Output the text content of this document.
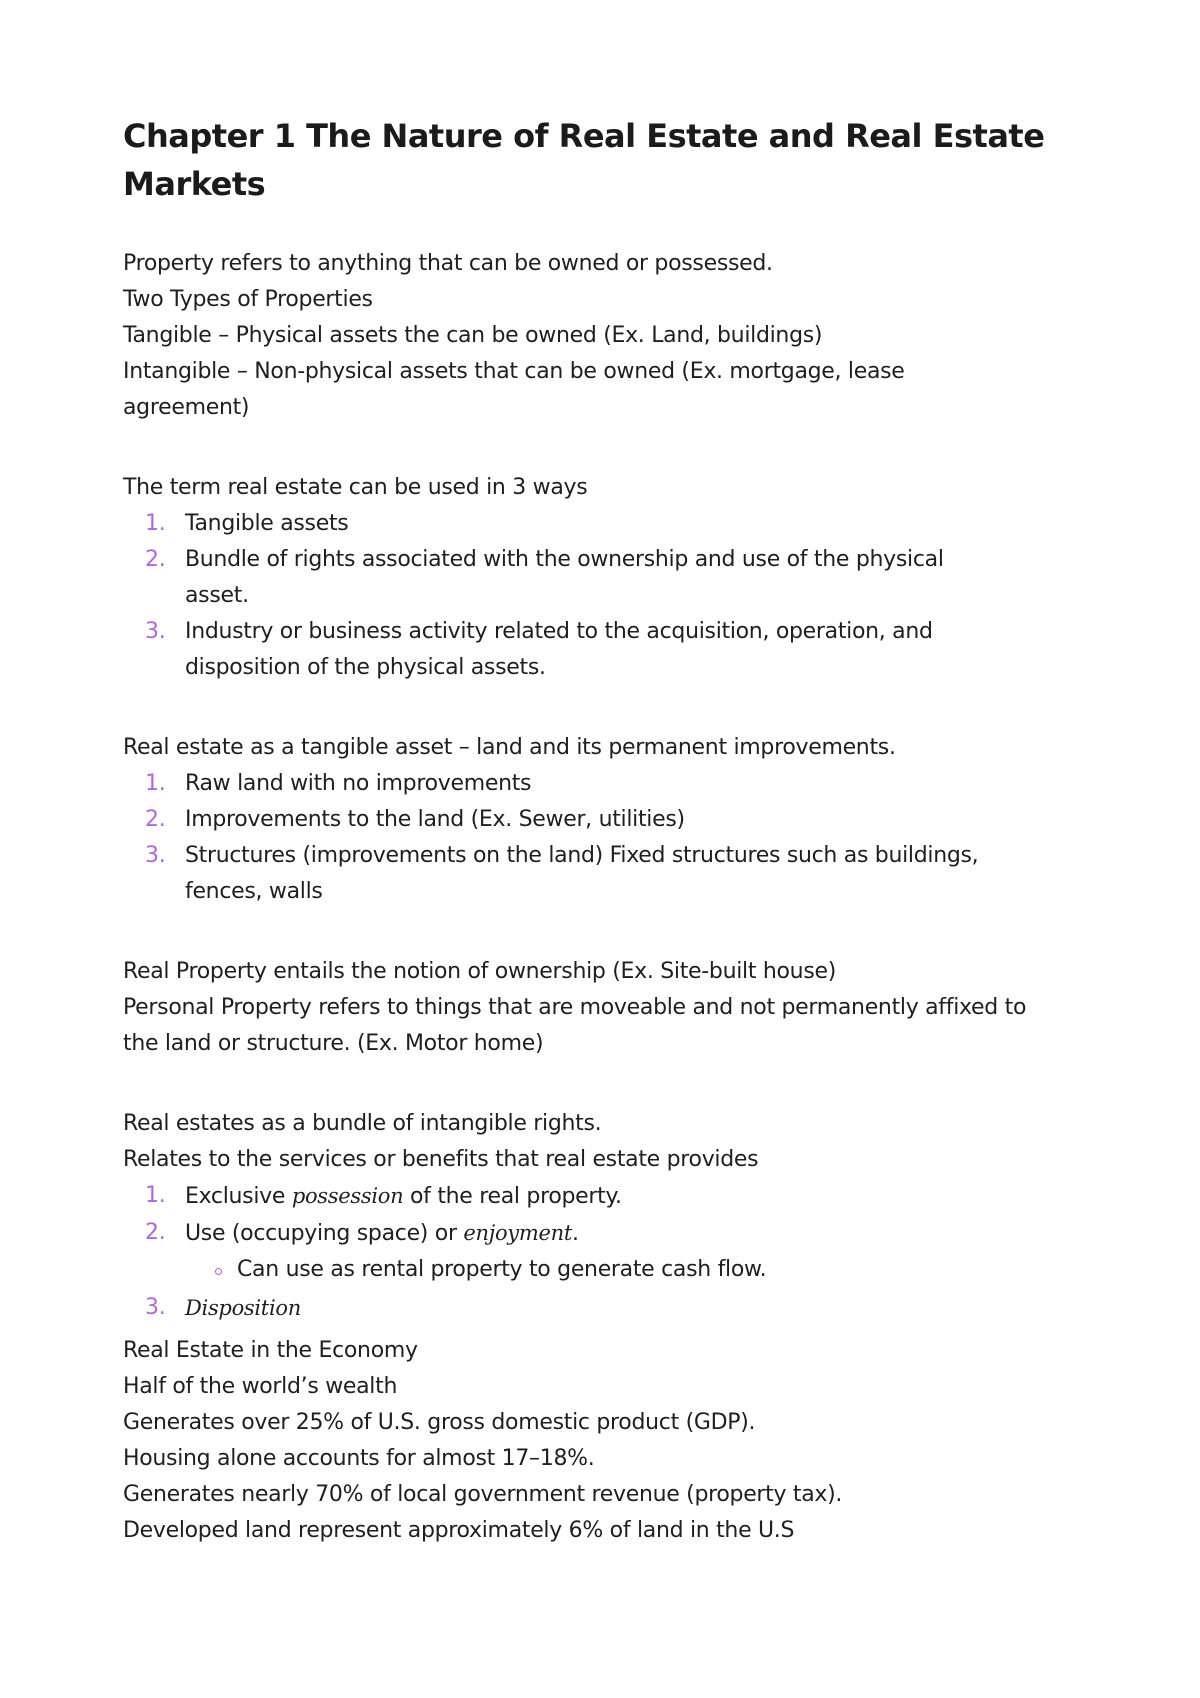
Chapter 1 The Nature of Real Estate and Real Estate Markets

Property refers to anything that can be owned or possessed.

Two Types of Properties

Tangible – Physical assets the can be owned (Ex. Land, buildings)

Intangible – Non-physical assets that can be owned (Ex. mortgage, lease agreement)

The term real estate can be used in 3 ways

1. Tangible assets
2. Bundle of rights associated with the ownership and use of the physical asset.
3. Industry or business activity related to the acquisition, operation, and disposition of the physical assets.

Real estate as a tangible asset – land and its permanent improvements.

1. Raw land with no improvements
2. Improvements to the land (Ex. Sewer, utilities)
3. Structures (improvements on the land) Fixed structures such as buildings, fences, walls

Real Property entails the notion of ownership (Ex. Site-built house)

Personal Property refers to things that are moveable and not permanently affixed to the land or structure. (Ex. Motor home)

Real estates as a bundle of intangible rights.

Relates to the services or benefits that real estate provides

1. Exclusive possession of the real property.
2. Use (occupying space) or enjoyment.
Can use as rental property to generate cash flow.
3. Disposition

Real Estate in the Economy

Half of the world’s wealth

Generates over 25% of U.S. gross domestic product (GDP).

Housing alone accounts for almost 17–18%.

Generates nearly 70% of local government revenue (property tax).

Developed land represent approximately 6% of land in the U.S
